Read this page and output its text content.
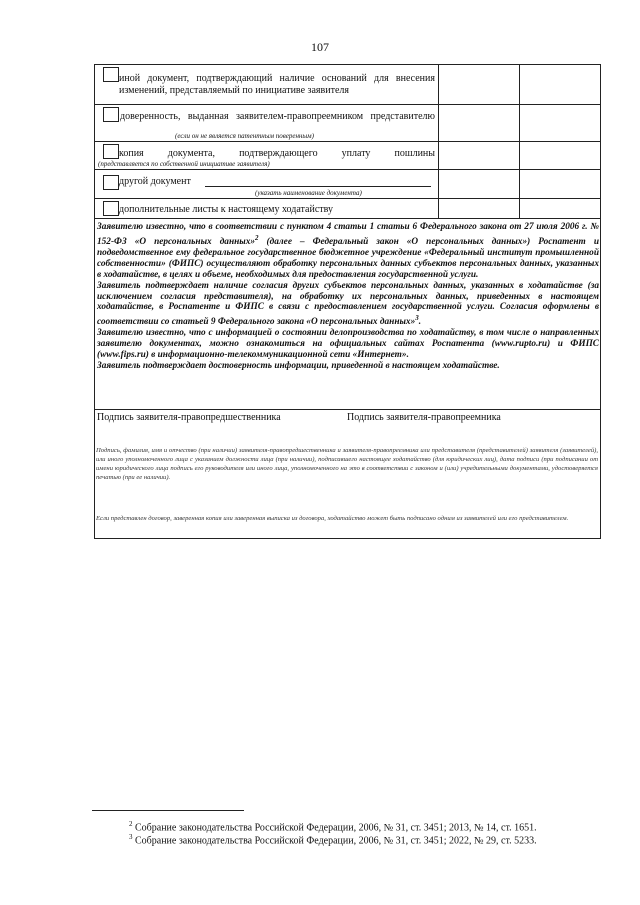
107
иной документ, подтверждающий наличие оснований для внесения изменений, представляемый по инициативе заявителя
доверенность, выданная заявителем-правопреемником представителю
(если он не является патентным поверенным)
копия документа, подтверждающего уплату пошлины
(представляется по собственной инициативе заявителя)
другой документ
(указать наименование документа)
дополнительные листы к настоящему ходатайству

Заявителю известно, что в соответствии с пунктом 4 статьи 1 статьи 6 Федерального закона от 27 июля 2006 г. № 152-ФЗ «О персональных данных»$^2$ (далее – Федеральный закон «О персональных данных») Роспатент и подведомственное ему федеральное государственное бюджетное учреждение «Федеральный институт промышленной собственности» (ФИПС) осуществляют обработку персональных данных субъектов персональных данных, указанных в ходатайстве, в целях и объеме, необходимых для предоставления государственной услуги.

Заявитель подтверждает наличие согласия других субъектов персональных данных, указанных в ходатайстве (за исключением согласия представителя), на обработку их персональных данных, приведенных в настоящем ходатайстве, в Роспатенте и ФИПС в связи с предоставлением государственной услуги. Согласия оформлены в соответствии со статьей 9 Федерального закона «О персональных данных»$^3$.

Заявителю известно, что с информацией о состоянии делопроизводства по ходатайству, в том числе о направленных заявителю документах, можно ознакомиться на официальных сайтах Роспатента (www.rupto.ru) и ФИПС (www.fips.ru) в информационно-телекоммуникационной сети «Интернет».

Заявитель подтверждает достоверность информации, приведенной в настоящем ходатайстве.

Подпись заявителя-правопредшественника	Подпись заявителя-правопреемника
Подпись, фамилия, имя и отчество (при наличии) заявителя-правопредшественника и заявителя-правопреемника или представителя (представителей) заявителя (заявителей), или иного уполномоченного лица с указанием должности лица (при наличии), подписавшего настоящее ходатайство (для юридических лиц), дата подписи (при подписании от имени юридического лица подпись его руководителя или иного лица, уполномоченного на это в соответствии с законом и (или) учредительными документами, удостоверяется печатью (при ее наличии).
Если представлен договор, заверенная копия или заверенная выписка из договора, ходатайство может быть подписано одним из заявителей или его представителем.
$^2$ Собрание законодательства Российской Федерации, 2006, № 31, ст. 3451; 2013, № 14, ст. 1651.
$^3$ Собрание законодательства Российской Федерации, 2006, № 31, ст. 3451; 2022, № 29, ст. 5233.
